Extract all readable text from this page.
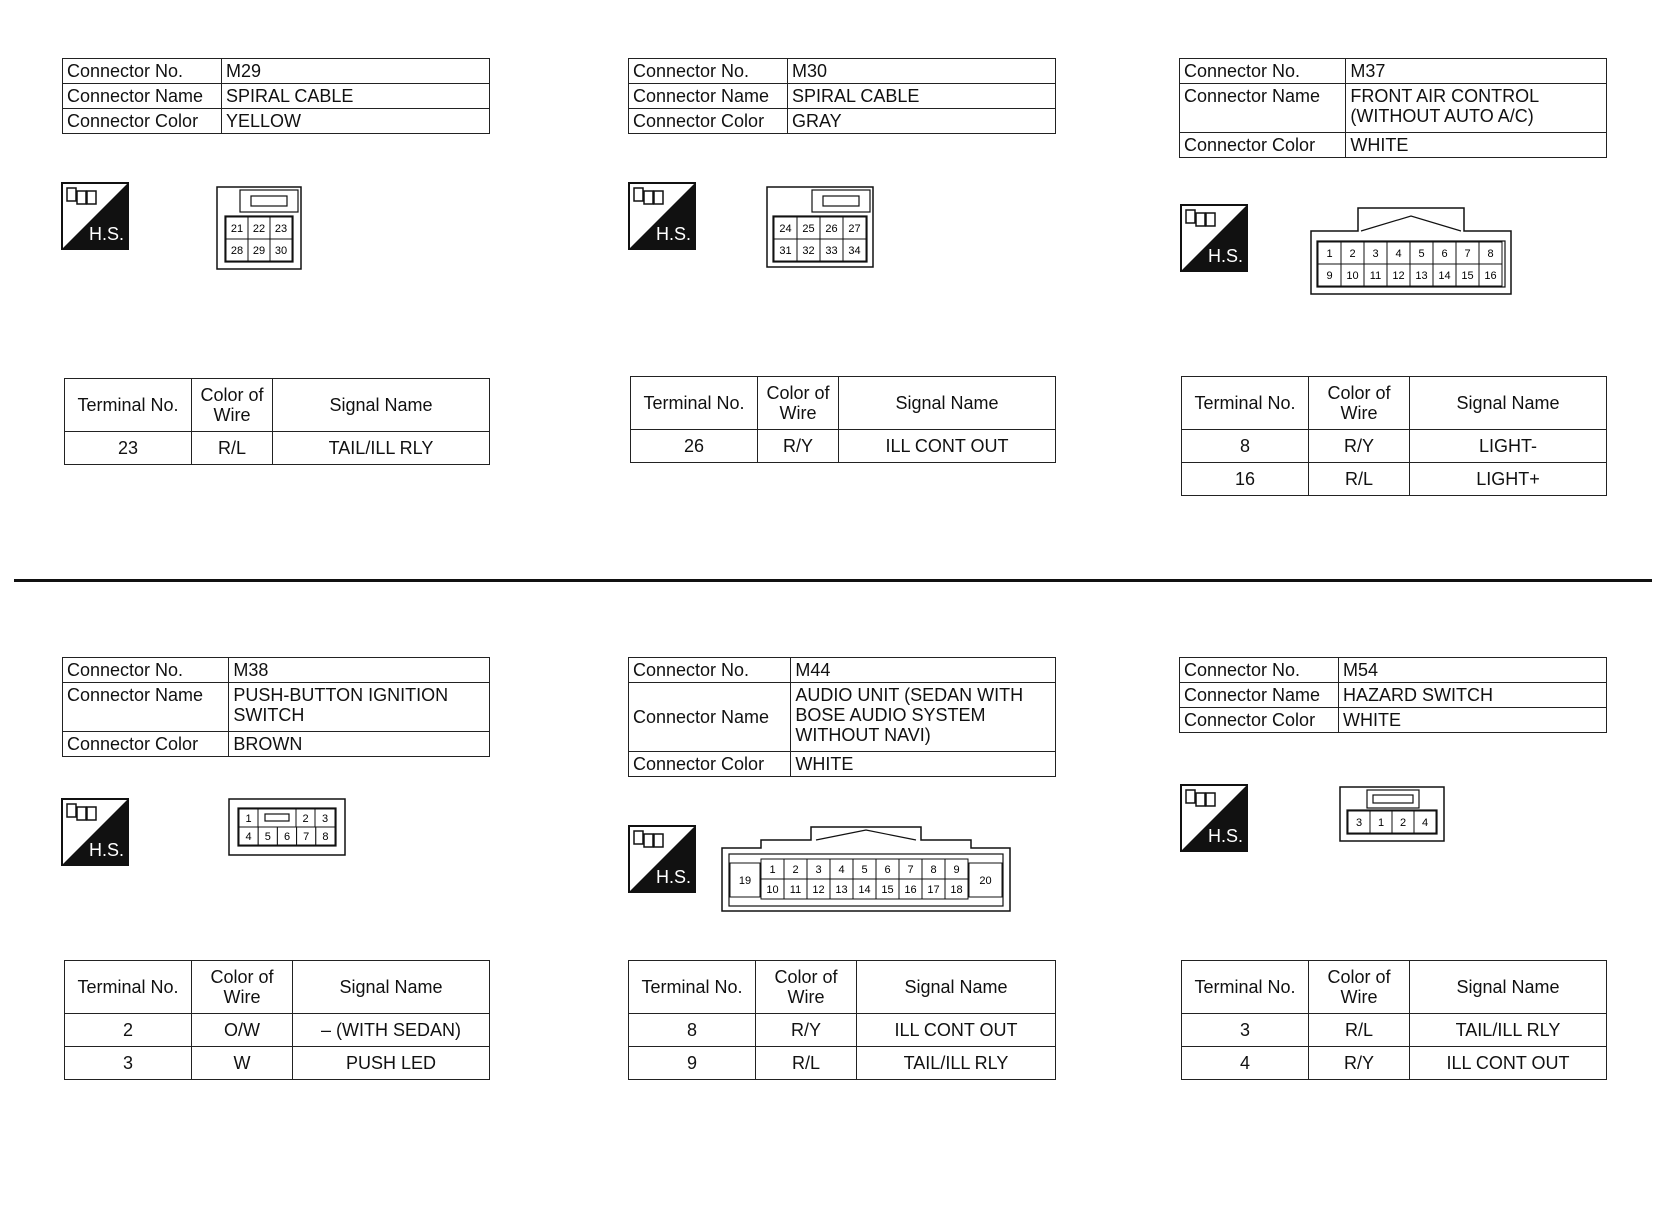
Connector No.	M29
Connector Name	SPIRAL CABLE
Connector Color	YELLOW
H.S.	21 22 23
28 29 30
Terminal No.	Color of Wire	Signal Name
23	R/L	TAIL/ILL RLY
Connector No.	M30
Connector Name	SPIRAL CABLE
Connector Color	GRAY
H.S.	24 25 26 27
31 32 33 34
Terminal No.	Color of Wire	Signal Name
26	R/Y	ILL CONT OUT
Connector No.	M37
Connector Name	FRONT AIR CONTROL (WITHOUT AUTO A/C)
Connector Color	WHITE
H.S.	1 2 3 4 5 6 7 8
9 10 11 12 13 14 15 16
Terminal No.	Color of Wire	Signal Name
8	R/Y	LIGHT-
16	R/L	LIGHT+
Connector No.	M38
Connector Name	PUSH-BUTTON IGNITION SWITCH
Connector Color	BROWN
H.S.
1	2 3
4 5 6 7 8
Terminal No.	Color of Wire	Signal Name
2	O/W	– (WITH SEDAN)
3	W	PUSH LED
Connector No.	M44
Connector Name	AUDIO UNIT (SEDAN WITH BOSE AUDIO SYSTEM WITHOUT NAVI)
Connector Color	WHITE
H.S.	1 2 3 4 5 6 7 8 9
10 11 12 13 14 15 16 17 18
19	20
Terminal No.	Color of Wire	Signal Name
8	R/Y	ILL CONT OUT
9	R/L	TAIL/ILL RLY
Connector No.	M54
Connector Name	HAZARD SWITCH
Connector Color	WHITE
H.S.
3 1 2 4
Terminal No.	Color of Wire	Signal Name
3	R/L	TAIL/ILL RLY
4	R/Y	ILL CONT OUT
